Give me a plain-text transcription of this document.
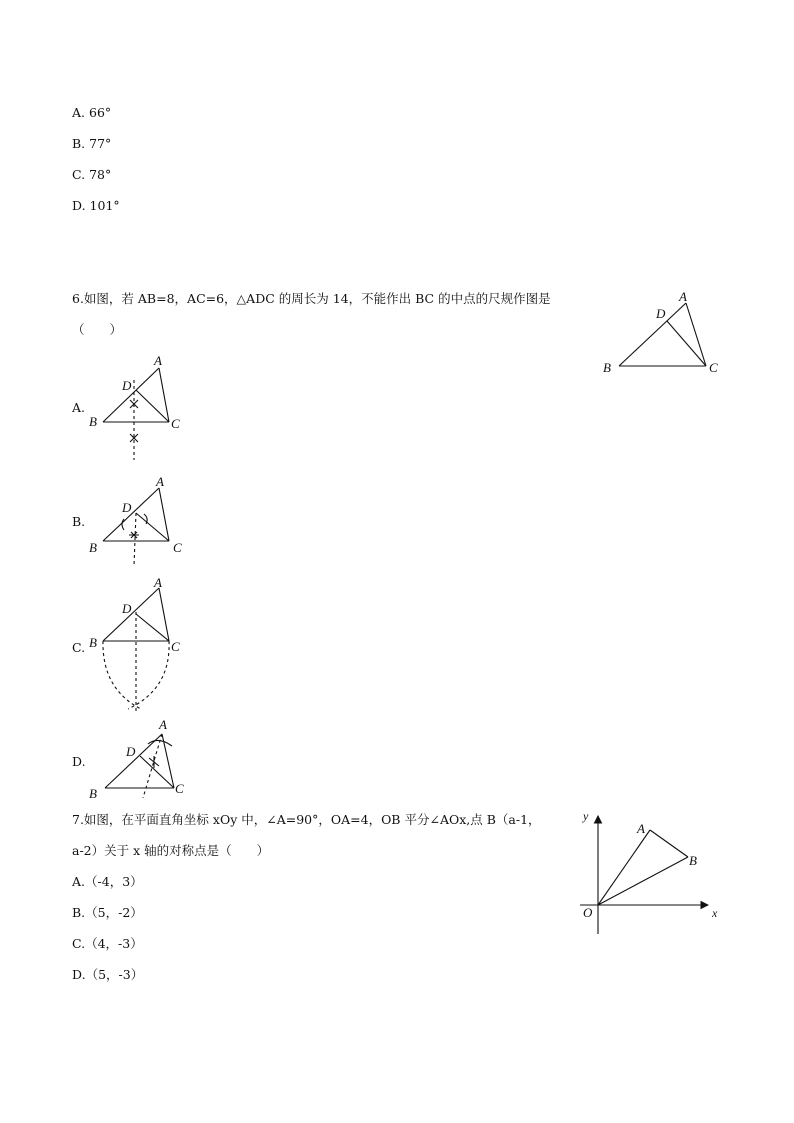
A. 66°
B. 77°
C. 78°
D. 101°
6.如图，若 AB=8，AC=6，△ADC 的周长为 14，不能作出 BC 的中点的尺规作图是
（　　）
A
D
B	C
A.
A
D
B	C
B.
A
D
B	C
C.
A
D
B	C
D.
A
D
B	C
7.如图，在平面直角坐标 xOy 中，∠A=90°，OA=4，OB 平分∠AOx,点 B（a-1，
a-2）关于 x 轴的对称点是（　　）
A.（-4，3）
B.（5，-2）
C.（4，-3）
D.（5，-3）
y
x
O
A
B
